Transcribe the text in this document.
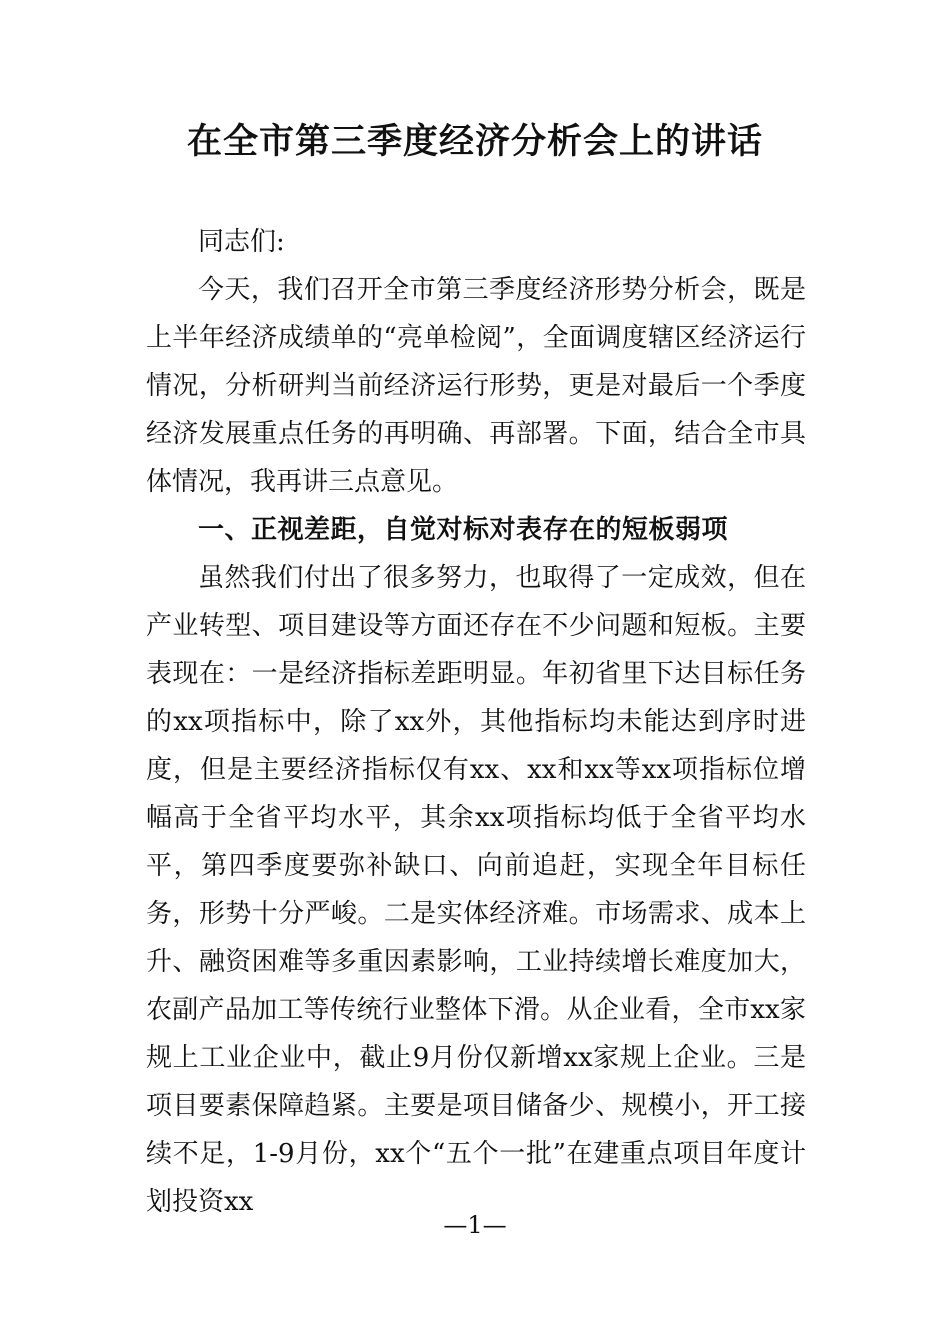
在全市第三季度经济分析会上的讲话

同志们:

今天，我们召开全市第三季度经济形势分析会，既是上半年经济成绩单的“亮单检阅”，全面调度辖区经济运行情况，分析研判当前经济运行形势，更是对最后一个季度经济发展重点任务的再明确、再部署。下面，结合全市具体情况，我再讲三点意见。

一、正视差距，自觉对标对表存在的短板弱项

虽然我们付出了很多努力，也取得了一定成效，但在产业转型、项目建设等方面还存在不少问题和短板。主要表现在：一是经济指标差距明显。年初省里下达目标任务的xx项指标中，除了xx外，其他指标均未能达到序时进度，但是主要经济指标仅有xx、xx和xx等xx项指标位增幅高于全省平均水平，其余xx项指标均低于全省平均水平，第四季度要弥补缺口、向前追赶，实现全年目标任务，形势十分严峻。二是实体经济难。市场需求、成本上升、融资困难等多重因素影响，工业持续增长难度加大，农副产品加工等传统行业整体下滑。从企业看，全市xx家规上工业企业中，截止9月份仅新增xx家规上企业。三是项目要素保障趋紧。主要是项目储备少、规模小，开工接续不足，1-9月份，xx个“五个一批”在建重点项目年度计划投资xx

—1—
